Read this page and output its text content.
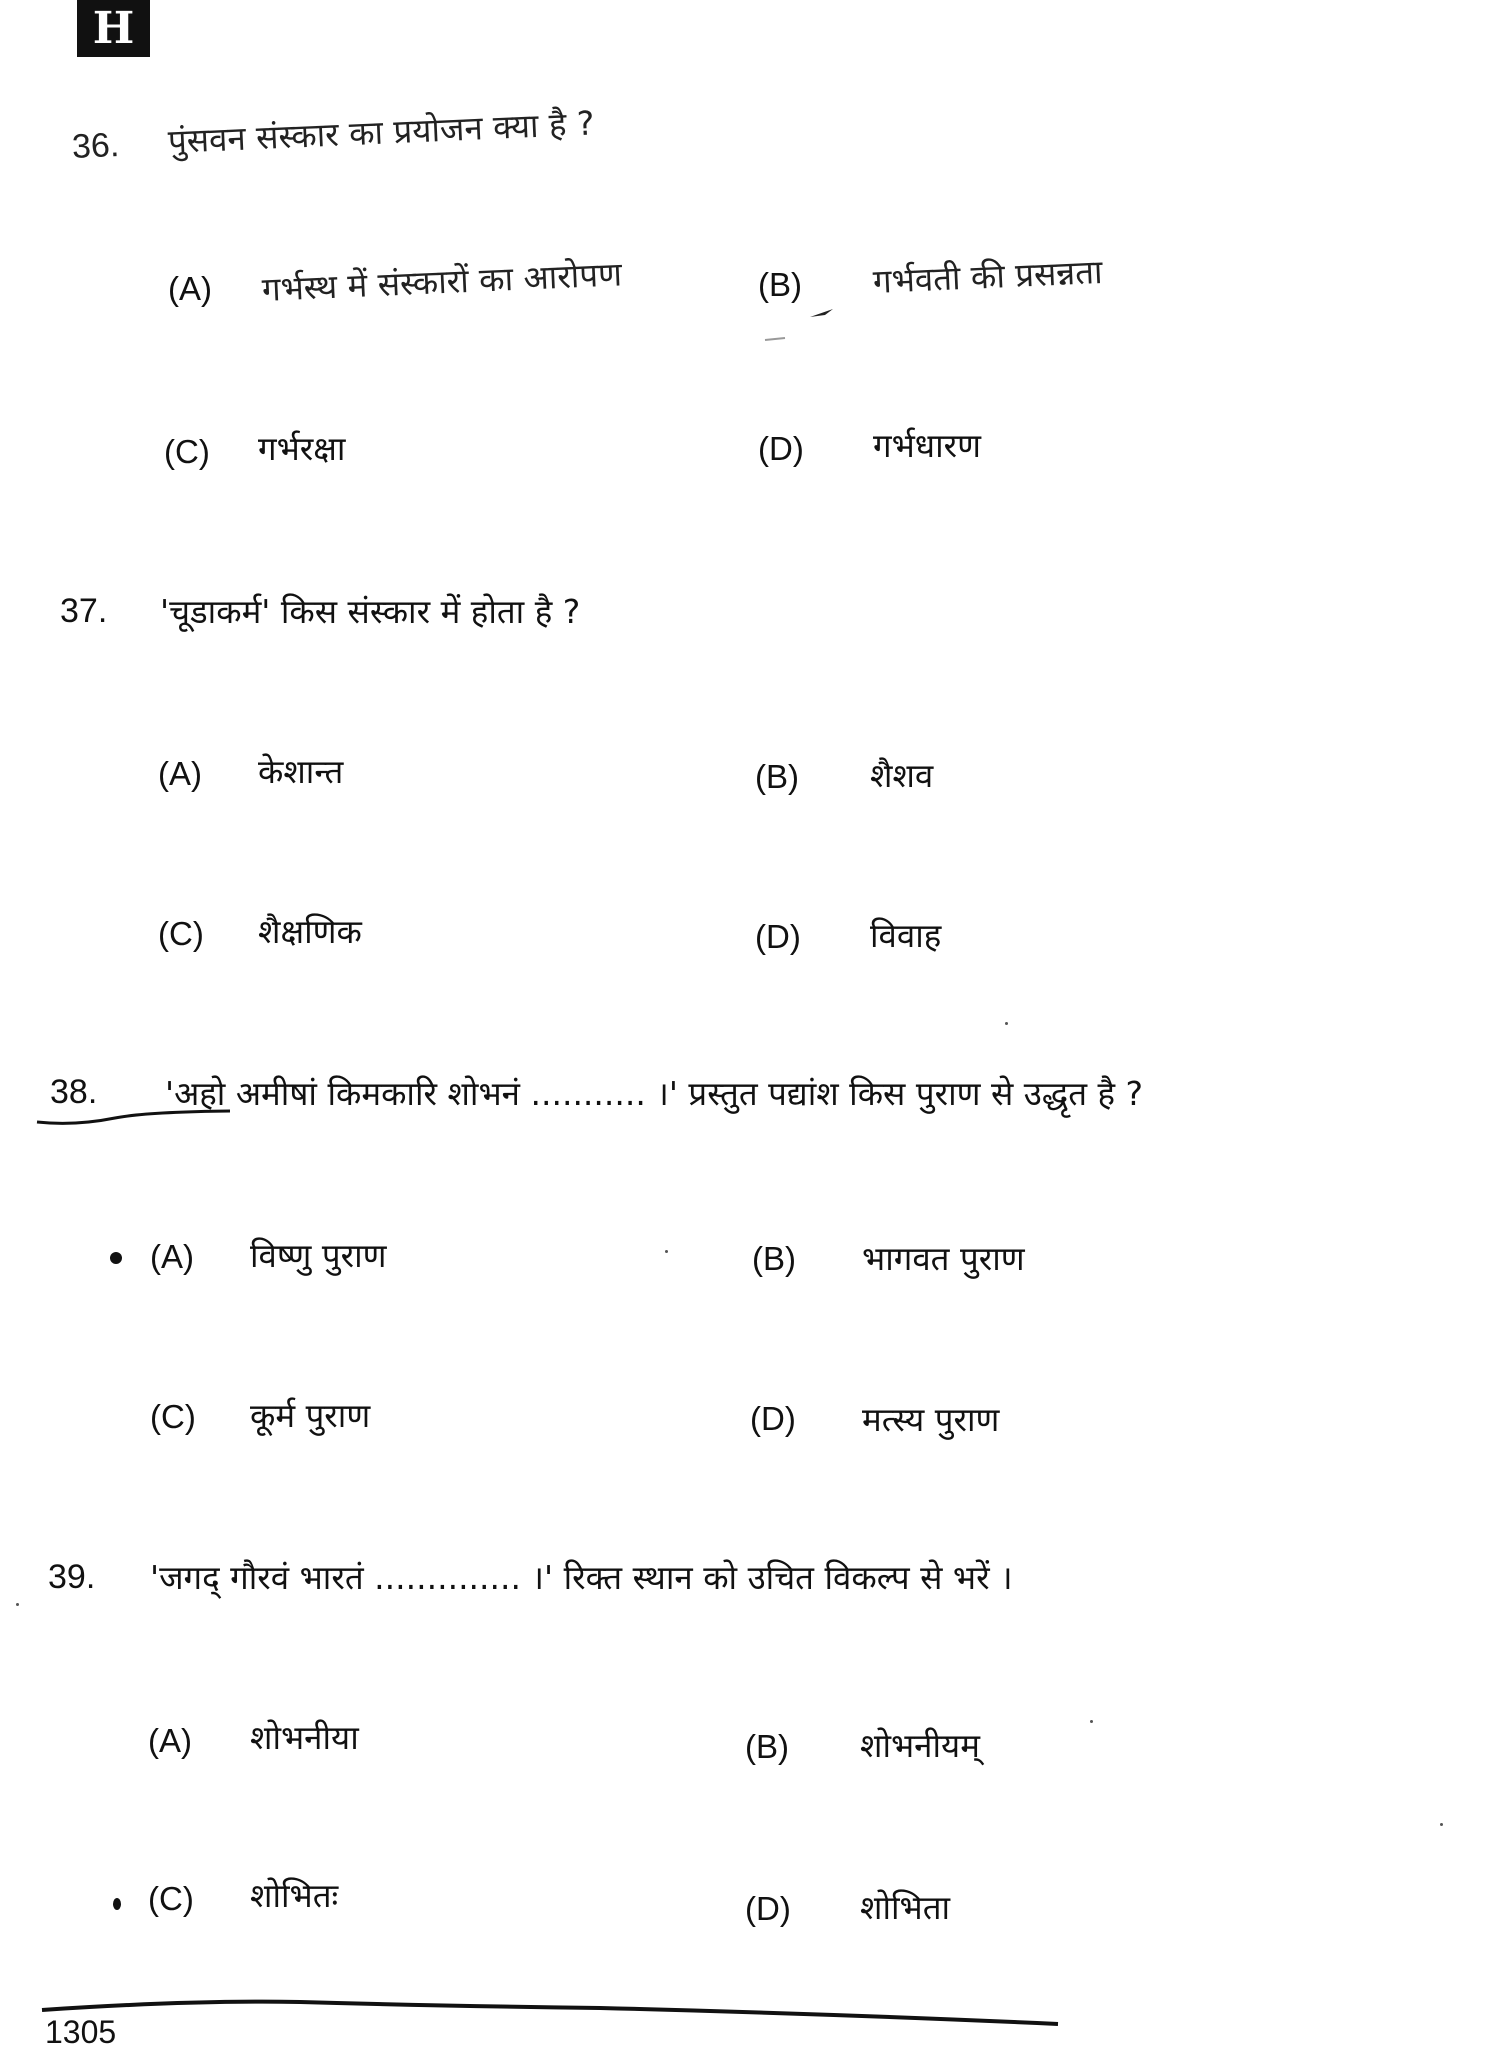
H
36. पुंसवन संस्कार का प्रयोजन क्या है ?
(A) गर्भस्थ में संस्कारों का आरोपण	(B) गर्भवती की प्रसन्नता
(C) गर्भरक्षा	(D) गर्भधारण
37. 'चूडाकर्म' किस संस्कार में होता है ?
(A) केशान्त	(B) शैशव
(C) शैक्षणिक	(D) विवाह
38. 'अहो अमीषां किमकारि शोभनं ........... ।' प्रस्तुत पद्यांश किस पुराण से उद्धृत है ?
(A) विष्णु पुराण	(B) भागवत पुराण
(C) कूर्म पुराण	(D) मत्स्य पुराण
39. 'जगद् गौरवं भारतं .............. ।' रिक्त स्थान को उचित विकल्प से भरें ।
(A) शोभनीया	(B) शोभनीयम्
(C) शोभितः	(D) शोभिता
1305
